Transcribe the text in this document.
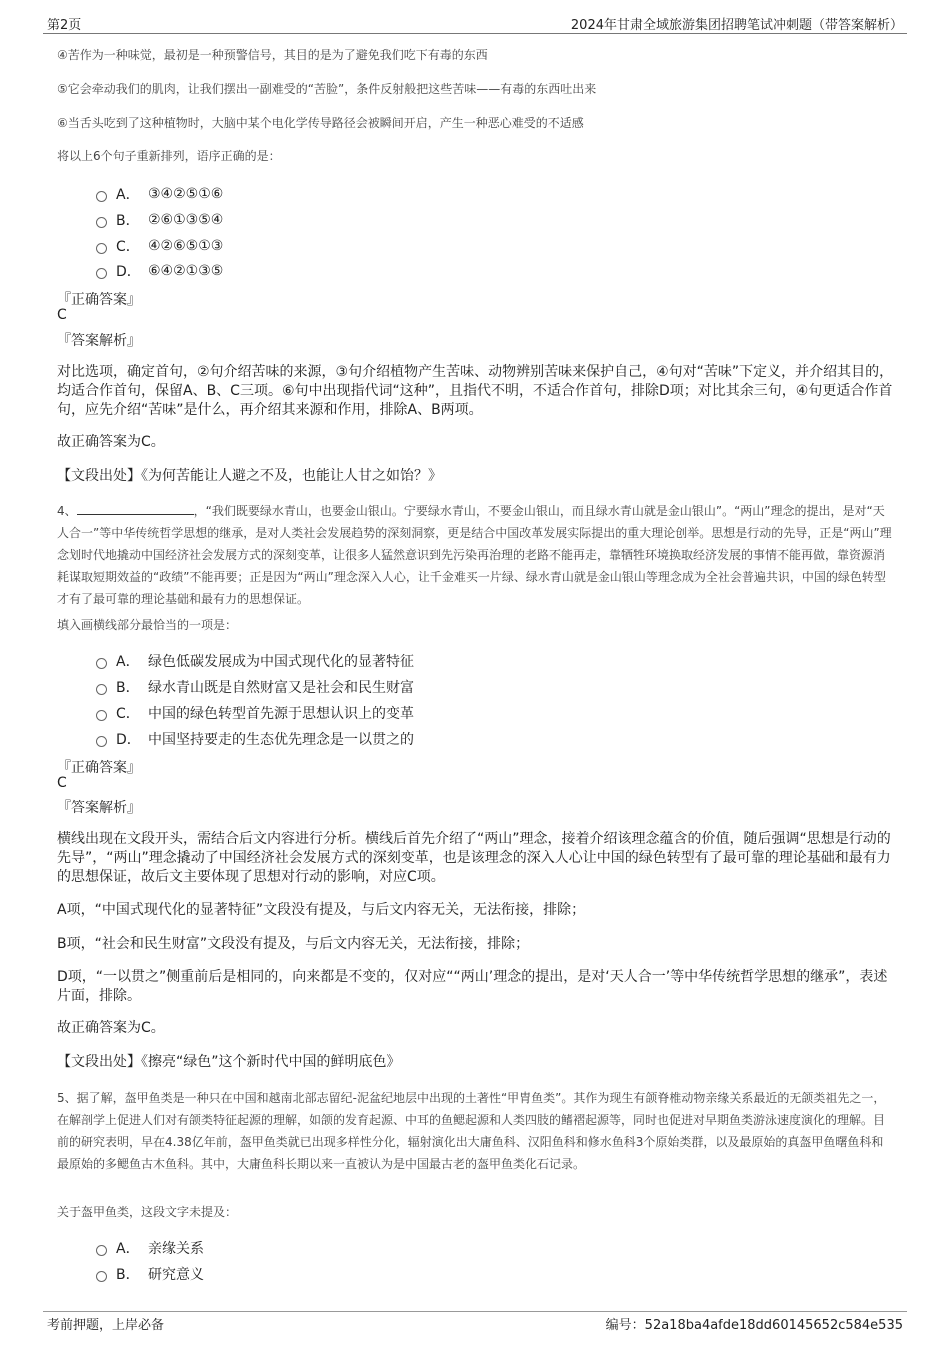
第2页	2024年甘肃全域旅游集团招聘笔试冲刺题（带答案解析）
④苦作为一种味觉，最初是一种预警信号，其目的是为了避免我们吃下有毒的东西
⑤它会牵动我们的肌肉，让我们摆出一副难受的“苦脸”，条件反射般把这些苦味——有毒的东西吐出来
⑥当舌头吃到了这种植物时，大脑中某个电化学传导路径会被瞬间开启，产生一种恶心难受的不适感
将以上6个句子重新排列，语序正确的是：
A． ③④②⑤①⑥
B． ②⑥①③⑤④
C． ④②⑥⑤①③
D． ⑥④②①③⑤
『正确答案』
C
『答案解析』
对比选项，确定首句，②句介绍苦味的来源，③句介绍植物产生苦味、动物辨别苦味来保护自己，④句对“苦味”下定义，并介绍其目的，均适合作首句，保留A、B、C三项。⑥句中出现指代词“这种”，且指代不明，不适合作首句，排除D项；对比其余三句，④句更适合作首句，应先介绍“苦味”是什么，再介绍其来源和作用，排除A、B两项。
故正确答案为C。
【文段出处】《为何苦能让人避之不及，也能让人甘之如饴？》
4、	，“我们既要绿水青山，也要金山银山。宁要绿水青山，不要金山银山，而且绿水青山就是金山银山”。“两山”理念的提出，是对“天人合一”等中华传统哲学思想的继承，是对人类社会发展趋势的深刻洞察，更是结合中国改革发展实际提出的重大理论创举。思想是行动的先导，正是“两山”理念划时代地撬动中国经济社会发展方式的深刻变革，让很多人猛然意识到先污染再治理的老路不能再走，靠牺牲环境换取经济发展的事情不能再做，靠资源消耗谋取短期效益的“政绩”不能再要；正是因为“两山”理念深入人心，让千金难买一片绿、绿水青山就是金山银山等理念成为全社会普遍共识，中国的绿色转型才有了最可靠的理论基础和最有力的思想保证。
填入画横线部分最恰当的一项是：
A． 绿色低碳发展成为中国式现代化的显著特征
B． 绿水青山既是自然财富又是社会和民生财富
C． 中国的绿色转型首先源于思想认识上的变革
D． 中国坚持要走的生态优先理念是一以贯之的
『正确答案』
C
『答案解析』
横线出现在文段开头，需结合后文内容进行分析。横线后首先介绍了“两山”理念，接着介绍该理念蕴含的价值，随后强调“思想是行动的先导”，“两山”理念撬动了中国经济社会发展方式的深刻变革，也是该理念的深入人心让中国的绿色转型有了最可靠的理论基础和最有力的思想保证，故后文主要体现了思想对行动的影响，对应C项。
A项，“中国式现代化的显著特征”文段没有提及，与后文内容无关，无法衔接，排除；
B项，“社会和民生财富”文段没有提及，与后文内容无关，无法衔接，排除；
D项，“一以贯之”侧重前后是相同的，向来都是不变的，仅对应““两山’理念的提出，是对‘天人合一’等中华传统哲学思想的继承”，表述片面，排除。
故正确答案为C。
【文段出处】《擦亮“绿色”这个新时代中国的鲜明底色》
5、据了解，盔甲鱼类是一种只在中国和越南北部志留纪-泥盆纪地层中出现的土著性“甲胄鱼类”。其作为现生有颌脊椎动物亲缘关系最近的无颌类祖先之一，在解剖学上促进人们对有颌类特征起源的理解，如颌的发育起源、中耳的鱼鳃起源和人类四肢的鳍褶起源等，同时也促进对早期鱼类游泳速度演化的理解。目前的研究表明，早在4.38亿年前，盔甲鱼类就已出现多样性分化，辐射演化出大庸鱼科、汉阳鱼科和修水鱼科3个原始类群，以及最原始的真盔甲鱼曙鱼科和最原始的多鳃鱼古木鱼科。其中，大庸鱼科长期以来一直被认为是中国最古老的盔甲鱼类化石记录。
关于盔甲鱼类，这段文字未提及：
A． 亲缘关系
B． 研究意义
考前押题，上岸必备	编号：52a18ba4afde18dd60145652c584e535
